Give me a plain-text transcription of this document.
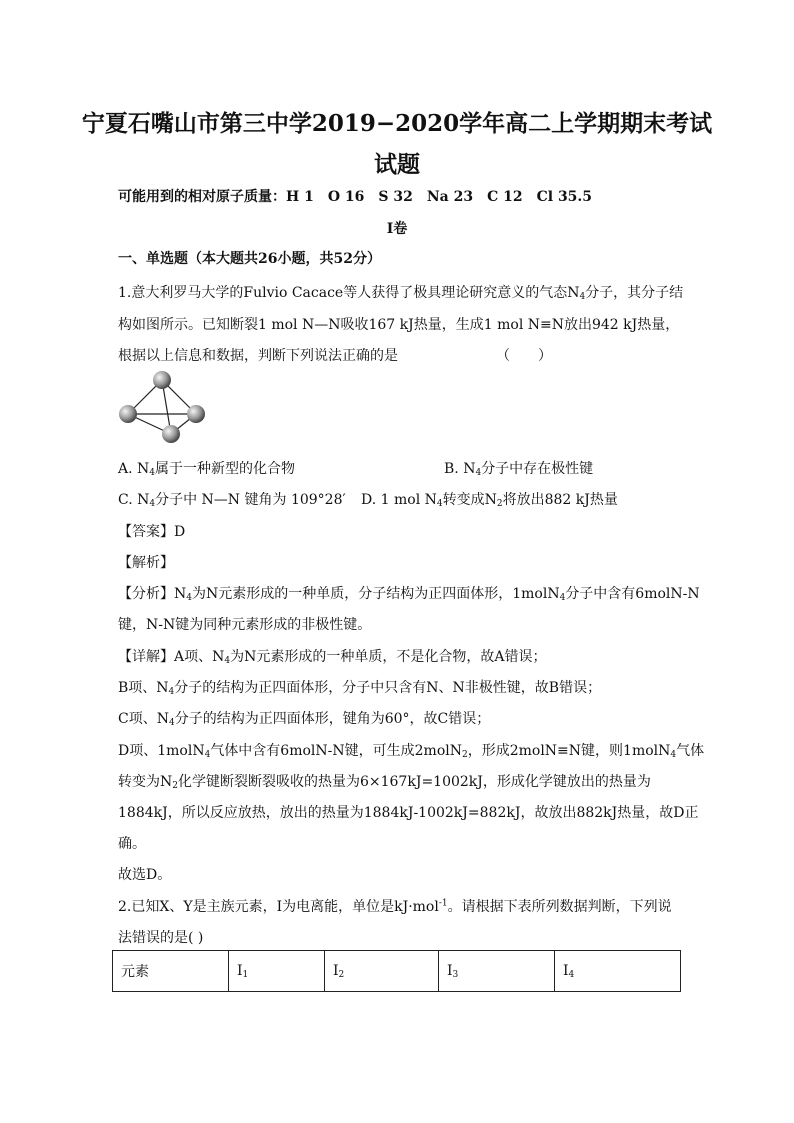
宁夏石嘴山市第三中学2019−2020学年高二上学期期末考试
试题
可能用到的相对原子质量：H 1 O 16 S 32 Na 23 C 12 Cl 35.5
I卷
一、单选题（本大题共26小题，共52分）
1.意大利罗马大学的Fulvio Cacace等人获得了极具理论研究意义的气态$N_4$分子，其分子结
构如图所示。已知断裂1 mol N—N吸收167 kJ热量，生成1 mol N≡N放出942 kJ热量，
根据以上信息和数据，判断下列说法正确的是	（　　）
A. $N_4$属于一种新型的化合物	B. $N_4$分子中存在极性键
C. $N_4$分子中 N—N 键角为 109°28′ D. 1 mol $N_4$转变成$N_2$将放出882 kJ热量
【答案】D
【解析】
【分析】$N_4$为N元素形成的一种单质，分子结构为正四面体形，1molN$_4$分子中含有6molN-N
键，N-N键为同种元素形成的非极性键。
【详解】A项、$N_4$为N元素形成的一种单质，不是化合物，故A错误；
B项、$N_4$分子的结构为正四面体形，分子中只含有N、N非极性键，故B错误；
C项、$N_4$分子的结构为正四面体形，键角为60°，故C错误；
D项、1molN$_4$气体中含有6molN-N键，可生成2molN$_2$，形成2molN≡N键，则1molN$_4$气体
转变为$N_2$化学键断裂断裂吸收的热量为6×167kJ=1002kJ，形成化学键放出的热量为
1884kJ，所以反应放热，放出的热量为1884kJ-1002kJ=882kJ，故放出882kJ热量，故D正
确。
故选D。
2.已知X、Y是主族元素，I为电离能，单位是kJ·mol$^{-1}$。请根据下表所列数据判断，下列说
法错误的是( )
元素	$I_1$	$I_2$	$I_3$	$I_4$
